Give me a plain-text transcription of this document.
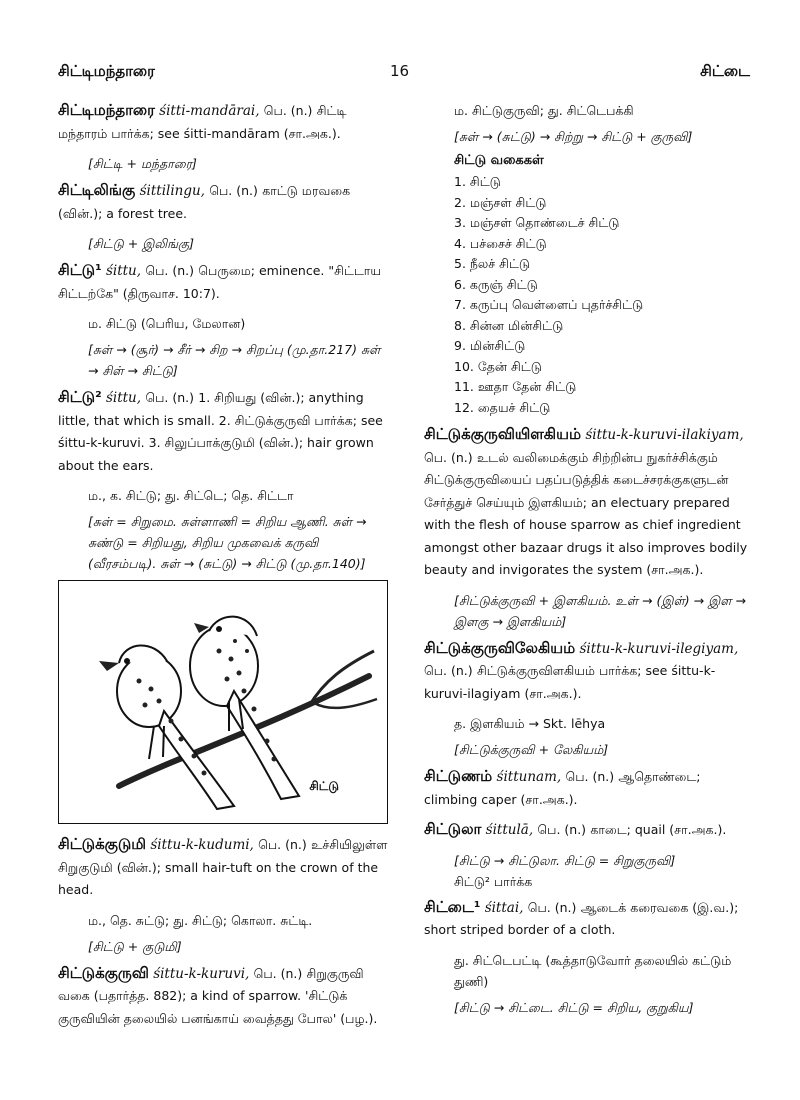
சிட்டிமந்தாரை	16	சிட்டை
சிட்டிமந்தாரை śitti-mandārai, பெ. (n.) சிட்டி மந்தாரம் பார்க்க; see śitti-mandāram (சா.அக.).
[சிட்டி + மந்தாரை]
சிட்டிலிங்கு śittilingu, பெ. (n.) காட்டு மரவகை (வின்.); a forest tree.
[சிட்டு + இலிங்கு]
சிட்டு¹ śittu, பெ. (n.) பெருமை; eminence. "சிட்டாய சிட்டற்கே" (திருவாச. 10:7).
ம. சிட்டு (பெரிய, மேலான)
[சுள் → (சூர்) → சீர் → சிற → சிறப்பு (மு.தா.217) சுள் → சிள் → சிட்டு]
சிட்டு² śittu, பெ. (n.) 1. சிறியது (வின்.); anything little, that which is small. 2. சிட்டுக்குருவி பார்க்க; see śittu-k-kuruvi. 3. சிலுப்பாக்குடுமி (வின்.); hair grown about the ears.
ம., க. சிட்டு; து. சிட்டெ; தெ. சிட்டா
[சுள் = சிறுமை. சுள்ளாணி = சிறிய ஆணி. சுள் → சுண்டு = சிறியது, சிறிய முகவைக் கருவி (வீரசம்படி). சுள் → (சுட்டு) → சிட்டு (மு.தா.140)]
சிட்டு
சிட்டுக்குடுமி śittu-k-kudumi, பெ. (n.) உச்சியிலுள்ள சிறுகுடுமி (வின்.); small hair-tuft on the crown of the head.
ம., தெ. சுட்டு; து. சிட்டு; கொலா. சுட்டி.
[சிட்டு + குடுமி]
சிட்டுக்குருவி śittu-k-kuruvi, பெ. (n.) சிறுகுருவி வகை (பதார்த்த. 882); a kind of sparrow. 'சிட்டுக் குருவியின் தலையில் பனங்காய் வைத்தது போல' (பழ.).
ம. சிட்டுகுருவி; து. சிட்டெபக்கி
[சுள் → (சுட்டு) → சிற்று → சிட்டு + குருவி]
சிட்டு வகைகள்
1. சிட்டு
2. மஞ்சள் சிட்டு
3. மஞ்சள் தொண்டைச் சிட்டு
4. பச்சைச் சிட்டு
5. நீலச் சிட்டு
6. கருஞ் சிட்டு
7. கருப்பு வெள்ளைப் புதர்ச்சிட்டு
8. சின்ன மின்சிட்டு
9. மின்சிட்டு
10. தேன் சிட்டு
11. ஊதா தேன் சிட்டு
12. தையச் சிட்டு
சிட்டுக்குருவியிளகியம் śittu-k-kuruvi-ilakiyam, பெ. (n.) உடல் வலிமைக்கும் சிற்றின்ப நுகர்ச்சிக்கும் சிட்டுக்குருவியைப் பதப்படுத்திக் கடைச்சரக்குகளுடன் சேர்த்துச் செய்யும் இளகியம்; an electuary prepared with the flesh of house sparrow as chief ingredient amongst other bazaar drugs it also improves bodily beauty and invigorates the system (சா.அக.).
[சிட்டுக்குருவி + இளகியம். உள் → (இள்) → இள → இளகு → இளகியம்]
சிட்டுக்குருவிலேகியம் śittu-k-kuruvi-ilegiyam, பெ. (n.) சிட்டுக்குருவிளகியம் பார்க்க; see śittu-k-kuruvi-ilagiyam (சா.அக.).
த. இளகியம் → Skt. lēhya
[சிட்டுக்குருவி + லேகியம்]
சிட்டுணம் śittunam, பெ. (n.) ஆதொண்டை; climbing caper (சா.அக.).
சிட்டுலா śittulā, பெ. (n.) காடை; quail (சா.அக.).
[சிட்டு → சிட்டுலா. சிட்டு = சிறுகுருவி]
சிட்டு² பார்க்க
சிட்டை¹ śittai, பெ. (n.) ஆடைக் கரைவகை (இ.வ.); short striped border of a cloth.
து. சிட்டெபட்டி (கூத்தாடுவோர் தலையில் கட்டும் துணி)
[சிட்டு → சிட்டை. சிட்டு = சிறிய, குறுகிய]
